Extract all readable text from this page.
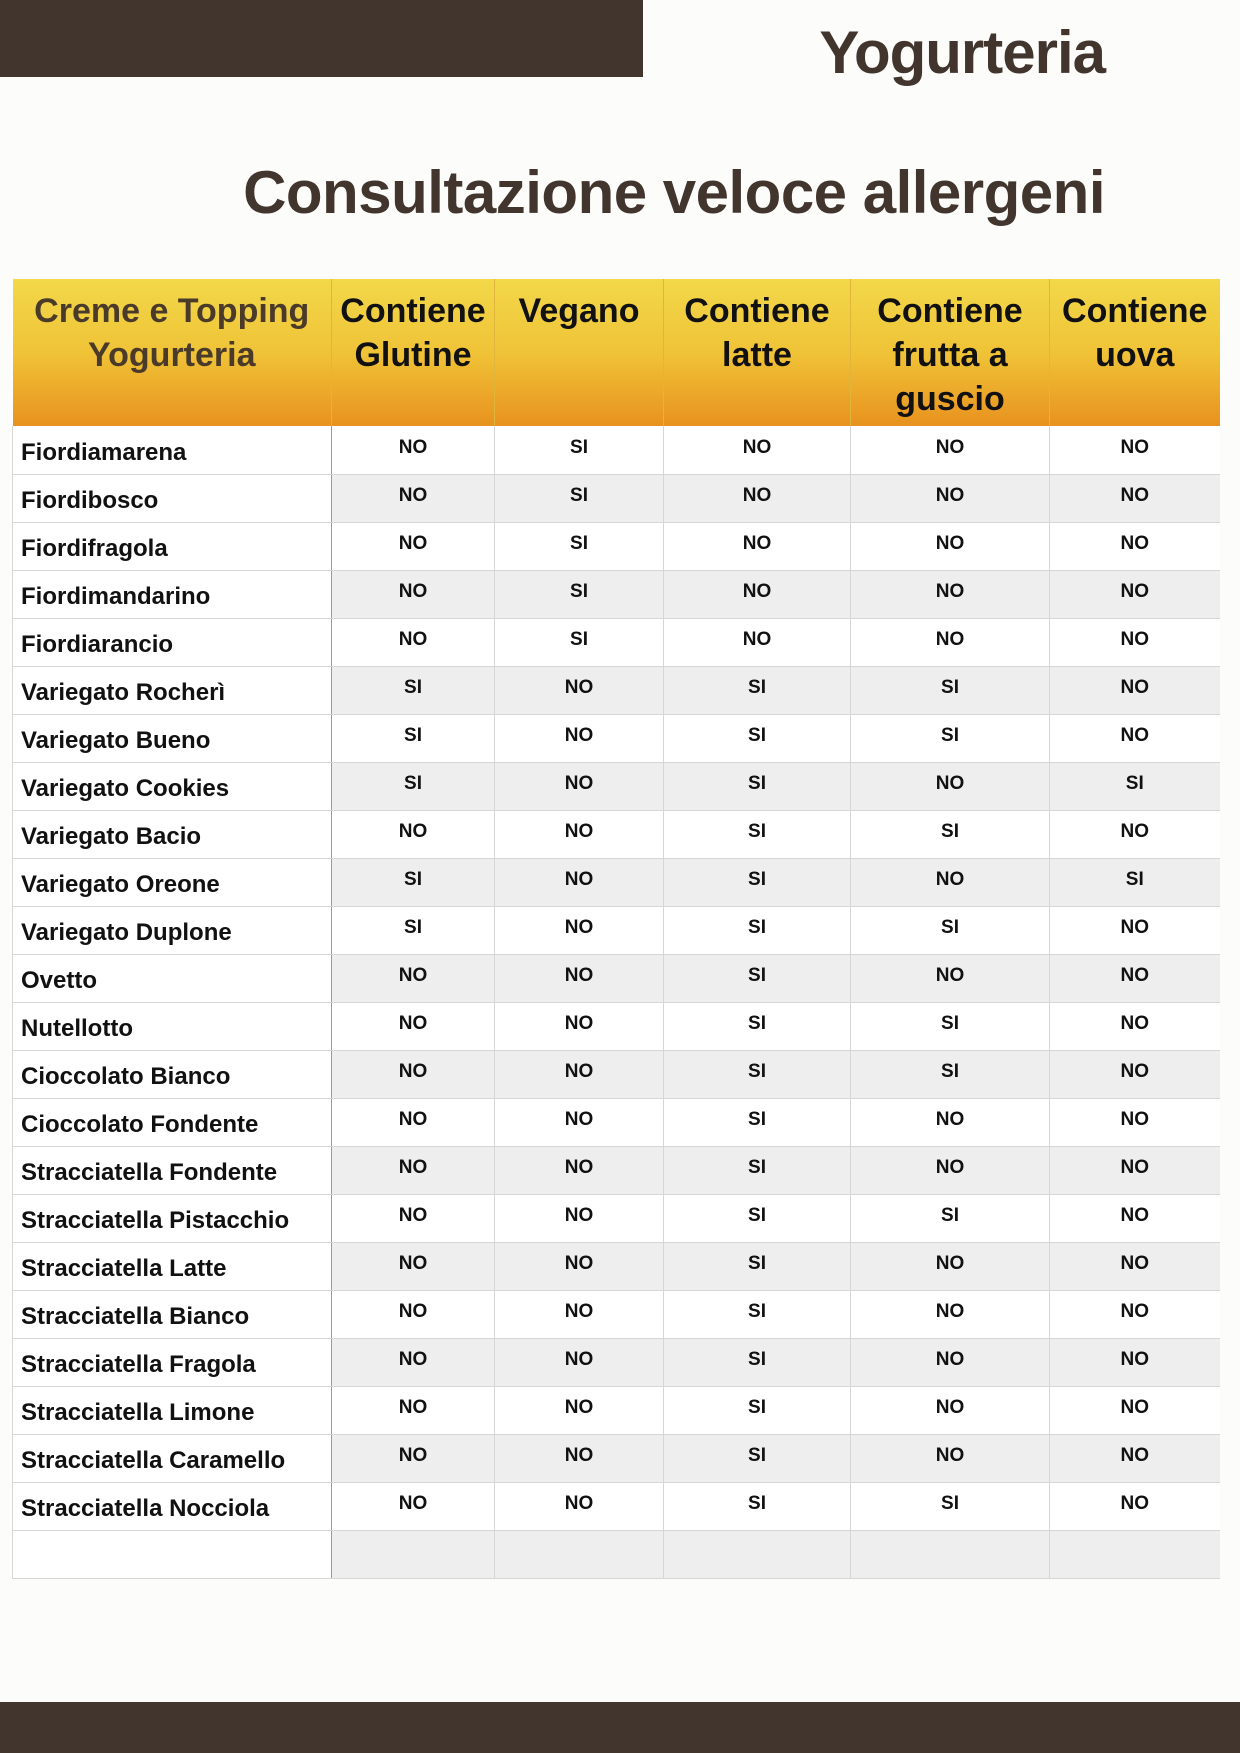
Yogurteria
Consultazione veloce allergeni
Creme e Topping Yogurteria	Contiene Glutine	Vegano	Contiene latte	Contiene frutta a guscio	Contiene uova
Fiordiamarena	NO	SI	NO	NO	NO
Fiordibosco	NO	SI	NO	NO	NO
Fiordifragola	NO	SI	NO	NO	NO
Fiordimandarino	NO	SI	NO	NO	NO
Fiordiarancio	NO	SI	NO	NO	NO
Variegato Rocherì	SI	NO	SI	SI	NO
Variegato Bueno	SI	NO	SI	SI	NO
Variegato Cookies	SI	NO	SI	NO	SI
Variegato Bacio	NO	NO	SI	SI	NO
Variegato Oreone	SI	NO	SI	NO	SI
Variegato Duplone	SI	NO	SI	SI	NO
Ovetto	NO	NO	SI	NO	NO
Nutellotto	NO	NO	SI	SI	NO
Cioccolato Bianco	NO	NO	SI	SI	NO
Cioccolato Fondente	NO	NO	SI	NO	NO
Stracciatella Fondente	NO	NO	SI	NO	NO
Stracciatella Pistacchio	NO	NO	SI	SI	NO
Stracciatella Latte	NO	NO	SI	NO	NO
Stracciatella Bianco	NO	NO	SI	NO	NO
Stracciatella Fragola	NO	NO	SI	NO	NO
Stracciatella Limone	NO	NO	SI	NO	NO
Stracciatella Caramello	NO	NO	SI	NO	NO
Stracciatella Nocciola	NO	NO	SI	SI	NO
